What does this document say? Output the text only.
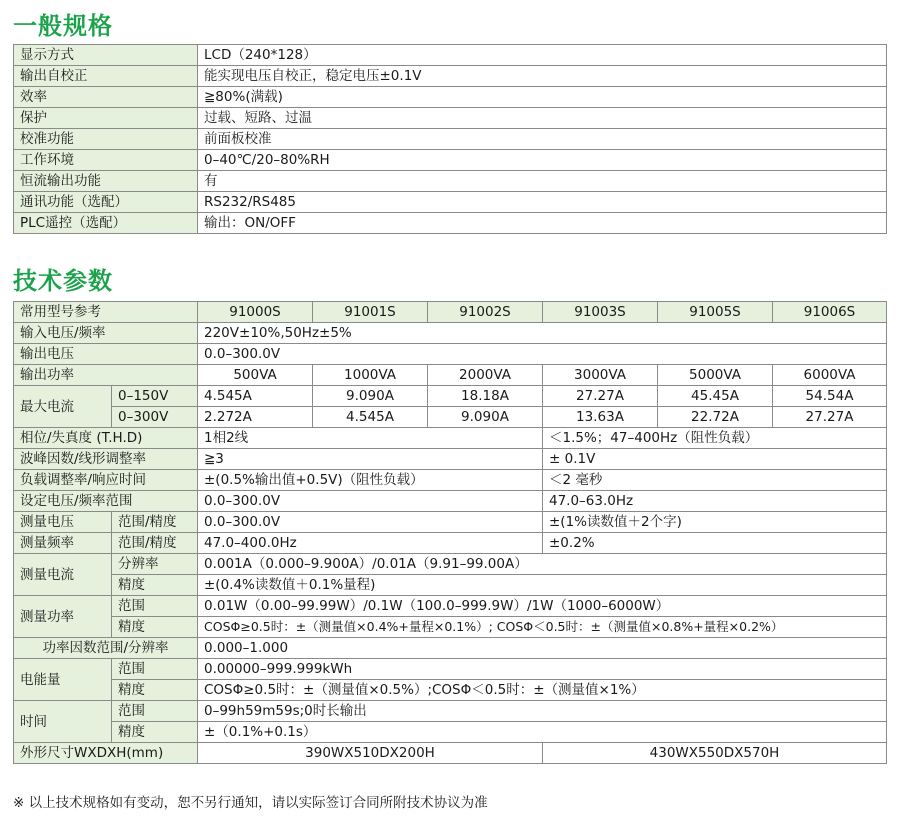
一般规格
显示方式	LCD（240*128）
输出自校正	能实现电压自校正，稳定电压±0.1V
效率	≧80%(满载)
保护	过载、短路、过温
校准功能	前面板校准
工作环境	0–40℃/20–80%RH
恒流输出功能	有
通讯功能（选配）	RS232/RS485
PLC遥控（选配）	输出：ON/OFF
技术参数
常用型号参考		91000S	91001S	91002S	91003S	91005S	91006S
输入电压/频率		220V±10%,50Hz±5%					
输出电压		0.0–300.0V					
输出功率		500VA	1000VA	2000VA	3000VA	5000VA	6000VA
最大电流	0–150V	4.545A	9.090A	18.18A	27.27A	45.45A	54.54A
	0–300V	2.272A	4.545A	9.090A	13.63A	22.72A	27.27A
相位/失真度 (T.H.D)		1相2线			＜1.5%；47–400Hz（阻性负载）		
波峰因数/线形调整率		≧3			± 0.1V		
负载调整率/响应时间		±(0.5%输出值+0.5V)（阻性负载）			＜2 毫秒		
设定电压/频率范围		0.0–300.0V			47.0–63.0Hz		
测量电压	范围/精度	0.0–300.0V			±(1%读数值＋2个字)		
测量频率	范围/精度	47.0–400.0Hz			±0.2%		
测量电流	分辨率	0.001A（0.000–9.900A）/0.01A（9.91–99.00A）					
	精度	±(0.4%读数值＋0.1%量程)					
测量功率	范围	0.01W（0.00–99.99W）/0.1W（100.0–999.9W）/1W（1000–6000W）					
	精度	COSΦ≥0.5时：±（测量值×0.4%+量程×0.1%）; COSΦ＜0.5时：±（测量值×0.8%+量程×0.2%）					
功率因数范围/分辨率		0.000–1.000					
电能量	范围	0.00000–999.999kWh					
	精度	COSΦ≥0.5时：±（测量值×0.5%）;COSΦ＜0.5时：±（测量值×1%）					
时间	范围	0–99h59m59s;0时长输出					
	精度	±（0.1%+0.1s）					
外形尺寸WXDXH(mm)		390WX510DX200H			430WX550DX570H		

※ 以上技术规格如有变动，恕不另行通知，请以实际签订合同所附技术协议为准
